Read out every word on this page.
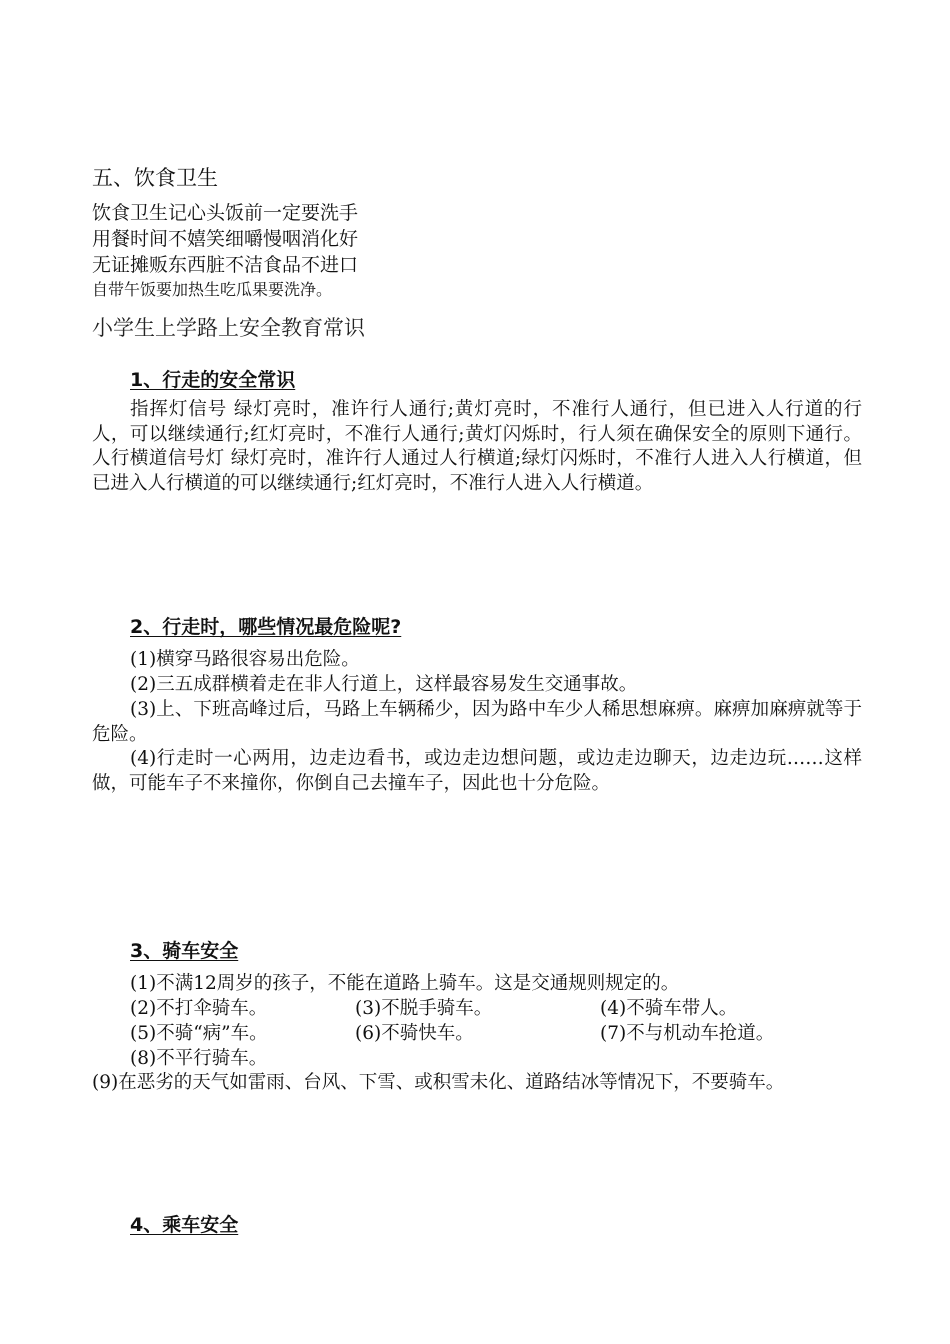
五、饮食卫生
饮食卫生记心头饭前一定要洗手
用餐时间不嬉笑细嚼慢咽消化好
无证摊贩东西脏不洁食品不进口
自带午饭要加热生吃瓜果要洗净。
小学生上学路上安全教育常识
1、行走的安全常识
指挥灯信号 绿灯亮时，准许行人通行;黄灯亮时，不准行人通行，但已进入人行道的行人，可以继续通行;红灯亮时，不准行人通行;黄灯闪烁时，行人须在确保安全的原则下通行。人行横道信号灯 绿灯亮时，准许行人通过人行横道;绿灯闪烁时，不准行人进入人行横道，但已进入人行横道的可以继续通行;红灯亮时，不准行人进入人行横道。
2、行走时，哪些情况最危险呢?
(1)横穿马路很容易出危险。
(2)三五成群横着走在非人行道上，这样最容易发生交通事故。
(3)上、下班高峰过后，马路上车辆稀少，因为路中车少人稀思想麻痹。麻痹加麻痹就等于危险。
(4)行走时一心两用，边走边看书，或边走边想问题，或边走边聊天，边走边玩……这样做，可能车子不来撞你，你倒自己去撞车子，因此也十分危险。
3、骑车安全
(1)不满12周岁的孩子，不能在道路上骑车。这是交通规则规定的。
(2)不打伞骑车。	(3)不脱手骑车。	(4)不骑车带人。
(5)不骑“病”车。	(6)不骑快车。	(7)不与机动车抢道。
(8)不平行骑车。
(9)在恶劣的天气如雷雨、台风、下雪、或积雪未化、道路结冰等情况下，不要骑车。
4、乘车安全
